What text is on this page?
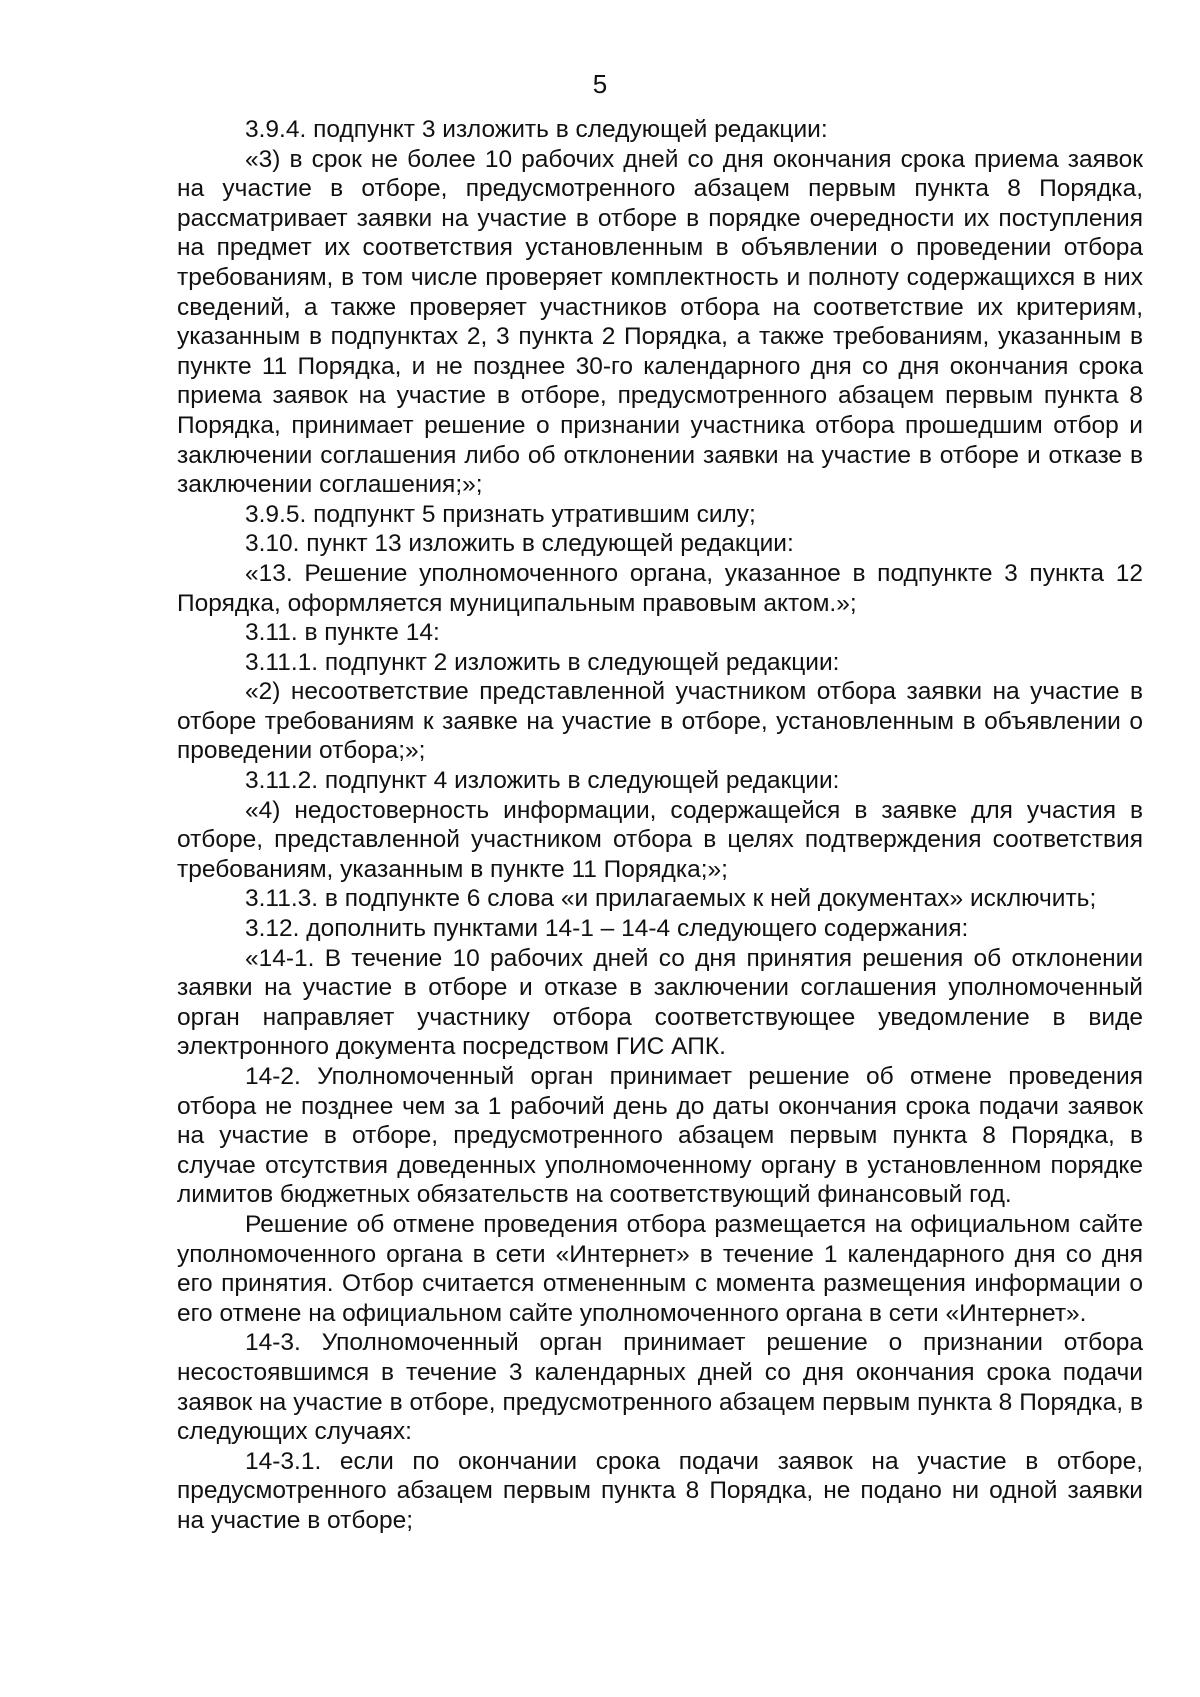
5

3.9.4. подпункт 3 изложить в следующей редакции:

«3) в срок не более 10 рабочих дней со дня окончания срока приема заявок на участие в отборе, предусмотренного абзацем первым пункта 8 Порядка, рассматривает заявки на участие в отборе в порядке очередности их поступления на предмет их соответствия установленным в объявлении о проведении отбора требованиям, в том числе проверяет комплектность и полноту содержащихся в них сведений, а также проверяет участников отбора на соответствие их критериям, указанным в подпунктах 2, 3 пункта 2 Порядка, а также требованиям, указанным в пункте 11 Порядка, и не позднее 30-го календарного дня со дня окончания срока приема заявок на участие в отборе, предусмотренного абзацем первым пункта 8 Порядка, принимает решение о признании участника отбора прошедшим отбор и заключении соглашения либо об отклонении заявки на участие в отборе и отказе в заключении соглашения;»;

3.9.5. подпункт 5 признать утратившим силу;

3.10. пункт 13 изложить в следующей редакции:

«13. Решение уполномоченного органа, указанное в подпункте 3 пункта 12 Порядка, оформляется муниципальным правовым актом.»;

3.11. в пункте 14:

3.11.1. подпункт 2 изложить в следующей редакции:

«2) несоответствие представленной участником отбора заявки на участие в отборе требованиям к заявке на участие в отборе, установленным в объявлении о проведении отбора;»;

3.11.2. подпункт 4 изложить в следующей редакции:

«4) недостоверность информации, содержащейся в заявке для участия в отборе, представленной участником отбора в целях подтверждения соответствия требованиям, указанным в пункте 11 Порядка;»;

3.11.3. в подпункте 6 слова «и прилагаемых к ней документах» исключить;

3.12. дополнить пунктами 14-1 – 14-4 следующего содержания:

«14-1. В течение 10 рабочих дней со дня принятия решения об отклонении заявки на участие в отборе и отказе в заключении соглашения уполномоченный орган направляет участнику отбора соответствующее уведомление в виде электронного документа посредством ГИС АПК.

14-2. Уполномоченный орган принимает решение об отмене проведения отбора не позднее чем за 1 рабочий день до даты окончания срока подачи заявок на участие в отборе, предусмотренного абзацем первым пункта 8 Порядка, в случае отсутствия доведенных уполномоченному органу в установленном порядке лимитов бюджетных обязательств на соответствующий финансовый год.

Решение об отмене проведения отбора размещается на официальном сайте уполномоченного органа в сети «Интернет» в течение 1 календарного дня со дня его принятия. Отбор считается отмененным с момента размещения информации о его отмене на официальном сайте уполномоченного органа в сети «Интернет».

14-3. Уполномоченный орган принимает решение о признании отбора несостоявшимся в течение 3 календарных дней со дня окончания срока подачи заявок на участие в отборе, предусмотренного абзацем первым пункта 8 Порядка, в следующих случаях:

14-3.1. если по окончании срока подачи заявок на участие в отборе, предусмотренного абзацем первым пункта 8 Порядка, не подано ни одной заявки на участие в отборе;
